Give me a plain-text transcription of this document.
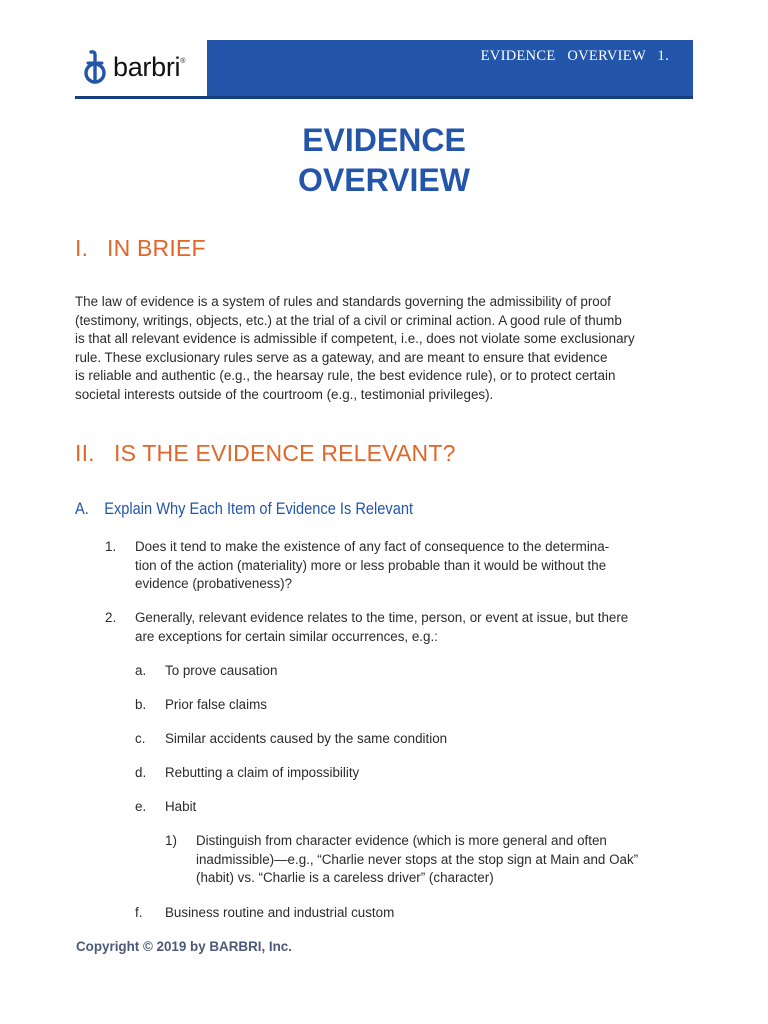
barbri®	EVIDENCE  OVERVIEW  1.
EVIDENCE
OVERVIEW
I. IN BRIEF
The law of evidence is a system of rules and standards governing the admissibility of proof
(testimony, writings, objects, etc.) at the trial of a civil or criminal action. A good rule of thumb
is that all relevant evidence is admissible if competent, i.e., does not violate some exclusionary
rule. These exclusionary rules serve as a gateway, and are meant to ensure that evidence
is reliable and authentic (e.g., the hearsay rule, the best evidence rule), or to protect certain
societal interests outside of the courtroom (e.g., testimonial privileges).
II. IS THE EVIDENCE RELEVANT?
A. Explain Why Each Item of Evidence Is Relevant
1. Does it tend to make the existence of any fact of consequence to the determina-
tion of the action (materiality) more or less probable than it would be without the
evidence (probativeness)?
2. Generally, relevant evidence relates to the time, person, or event at issue, but there
are exceptions for certain similar occurrences, e.g.:
a. To prove causation
b. Prior false claims
c. Similar accidents caused by the same condition
d. Rebutting a claim of impossibility
e. Habit
1) Distinguish from character evidence (which is more general and often
inadmissible)—e.g., “Charlie never stops at the stop sign at Main and Oak”
(habit) vs. “Charlie is a careless driver” (character)
f. Business routine and industrial custom
Copyright © 2019 by BARBRI, Inc.
